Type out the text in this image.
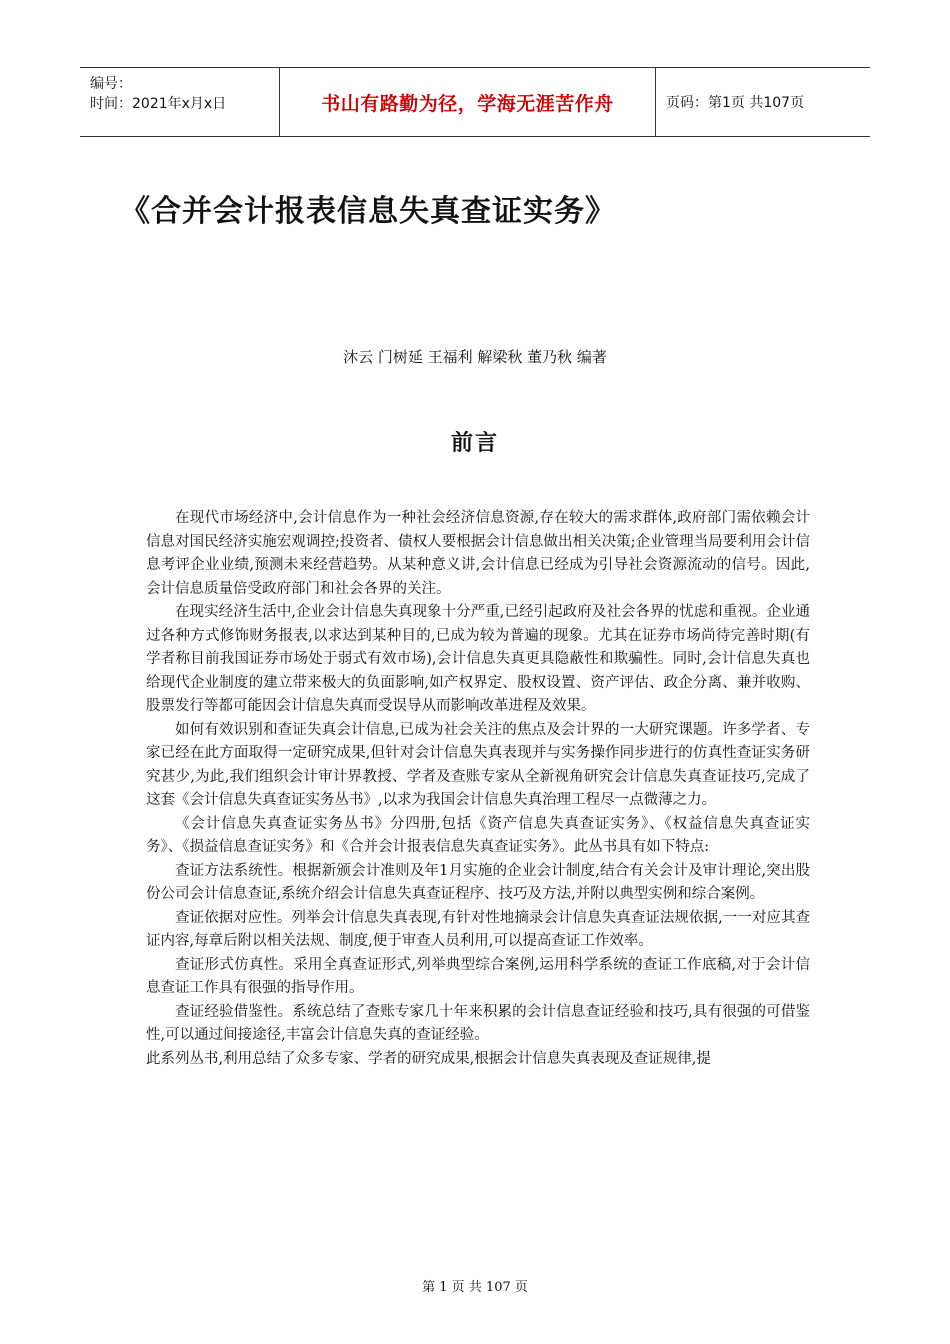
编号：
时间：2021年x月x日	书山有路勤为径，学海无涯苦作舟	页码：第1页 共107页
《合并会计报表信息失真查证实务》
沐云 门树延 王福利 解梁秋 董乃秋 编著
前言

在现代市场经济中,会计信息作为一种社会经济信息资源,存在较大的需求群体,政府部门需依赖会计信息对国民经济实施宏观调控;投资者、债权人要根据会计信息做出相关决策;企业管理当局要利用会计信息考评企业业绩,预测未来经营趋势。从某种意义讲,会计信息已经成为引导社会资源流动的信号。因此,会计信息质量倍受政府部门和社会各界的关注。

在现实经济生活中,企业会计信息失真现象十分严重,已经引起政府及社会各界的忧虑和重视。企业通过各种方式修饰财务报表,以求达到某种目的,已成为较为普遍的现象。尤其在证券市场尚待完善时期(有学者称目前我国证券市场处于弱式有效市场),会计信息失真更具隐蔽性和欺骗性。同时,会计信息失真也给现代企业制度的建立带来极大的负面影响,如产权界定、股权设置、资产评估、政企分离、兼并收购、股票发行等都可能因会计信息失真而受误导从而影响改革进程及效果。

如何有效识别和查证失真会计信息,已成为社会关注的焦点及会计界的一大研究课题。许多学者、专家已经在此方面取得一定研究成果,但针对会计信息失真表现并与实务操作同步进行的仿真性查证实务研究甚少,为此,我们组织会计审计界教授、学者及查账专家从全新视角研究会计信息失真查证技巧,完成了这套《会计信息失真查证实务丛书》,以求为我国会计信息失真治理工程尽一点微薄之力。

《会计信息失真查证实务丛书》分四册,包括《资产信息失真查证实务》、《权益信息失真查证实务》、《损益信息查证实务》和《合并会计报表信息失真查证实务》。此丛书具有如下特点:

查证方法系统性。根据新颁会计准则及年1月实施的企业会计制度,结合有关会计及审计理论,突出股份公司会计信息查证,系统介绍会计信息失真查证程序、技巧及方法,并附以典型实例和综合案例。

查证依据对应性。列举会计信息失真表现,有针对性地摘录会计信息失真查证法规依据,一一对应其查证内容,每章后附以相关法规、制度,便于审查人员利用,可以提高查证工作效率。

查证形式仿真性。采用全真查证形式,列举典型综合案例,运用科学系统的查证工作底稿,对于会计信息查证工作具有很强的指导作用。

查证经验借鉴性。系统总结了查账专家几十年来积累的会计信息查证经验和技巧,具有很强的可借鉴性,可以通过间接途径,丰富会计信息失真的查证经验。

此系列丛书,利用总结了众多专家、学者的研究成果,根据会计信息失真表现及查证规律,提

第 1 页 共 107 页
